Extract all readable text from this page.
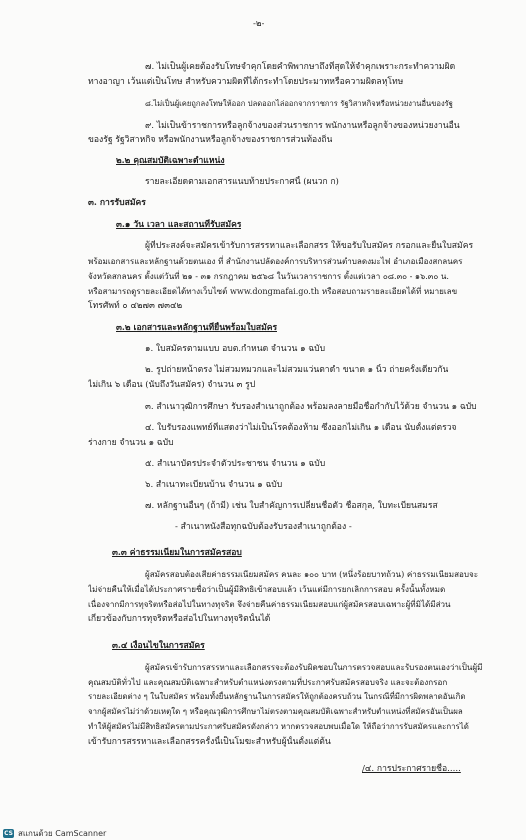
-๒-
๗. ไม่เป็นผู้เคยต้องรับโทษจำคุกโดยคำพิพากษาถึงที่สุดให้จำคุกเพราะกระทำความผิด
ทางอาญา เว้นแต่เป็นโทษ สำหรับความผิดที่ได้กระทำโดยประมาทหรือความผิดลหุโทษ
๘.ไม่เป็นผู้เคยถูกลงโทษให้ออก ปลดออกไล่ออกจากราชการ รัฐวิสาหกิจหรือหน่วยงานอื่นของรัฐ
๙. ไม่เป็นข้าราชการหรือลูกจ้างของส่วนราชการ พนักงานหรือลูกจ้างของหน่วยงานอื่น
ของรัฐ รัฐวิสาหกิจ หรือพนักงานหรือลูกจ้างของราชการส่วนท้องถิ่น
๒.๒ คุณสมบัติเฉพาะตำแหน่ง
รายละเอียดตามเอกสารแนบท้ายประกาศนี้ (ผนวก ก)
๓. การรับสมัคร
๓.๑ วัน เวลา และสถานที่รับสมัคร
ผู้ที่ประสงค์จะสมัครเข้ารับการสรรหาและเลือกสรร ให้ขอรับใบสมัคร กรอกและยื่นใบสมัคร
พร้อมเอกสารและหลักฐานด้วยตนเอง ที่ สำนักงานปลัดองค์การบริหารส่วนตำบลดงมะไฟ อำเภอเมืองสกลนคร
จังหวัดสกลนคร ตั้งแต่วันที่ ๒๑ - ๓๑ กรกฎาคม ๒๕๖๘ ในวันเวลาราชการ ตั้งแต่เวลา ๐๘.๓๐ - ๑๖.๓๐ น.
หรือสามารถดูรายละเอียดได้ทางเว็บไซต์ www.dongmafai.go.th หรือสอบถามรายละเอียดได้ที่ หมายเลข
โทรศัพท์ ๐ ๔๒๗๓ ๗๓๔๒
๓.๒ เอกสารและหลักฐานที่ยื่นพร้อมใบสมัคร
๑. ใบสมัครตามแบบ อบต.กำหนด จำนวน ๑ ฉบับ
๒. รูปถ่ายหน้าตรง ไม่สวมหมวกและไม่สวมแว่นตาดำ ขนาด ๑ นิ้ว ถ่ายครั้งเดียวกัน
ไม่เกิน ๖ เดือน (นับถึงวันสมัคร) จำนวน ๓ รูป
๓. สำเนาวุฒิการศึกษา รับรองสำเนาถูกต้อง พร้อมลงลายมือชื่อกำกับไว้ด้วย จำนวน ๑ ฉบับ
๔. ใบรับรองแพทย์ที่แสดงว่าไม่เป็นโรคต้องห้าม ซึ่งออกไม่เกิน ๑ เดือน นับตั้งแต่ตรวจ
ร่างกาย จำนวน ๑ ฉบับ
๕. สำเนาบัตรประจำตัวประชาชน จำนวน ๑ ฉบับ
๖. สำเนาทะเบียนบ้าน จำนวน ๑ ฉบับ
๗. หลักฐานอื่นๆ (ถ้ามี) เช่น ใบสำคัญการเปลี่ยนชื่อตัว ชื่อสกุล, ใบทะเบียนสมรส
- สำเนาหนังสือทุกฉบับต้องรับรองสำเนาถูกต้อง -
๓.๓ ค่าธรรมเนียมในการสมัครสอบ
ผู้สมัครสอบต้องเสียค่าธรรมเนียมสมัคร คนละ ๑๐๐ บาท (หนึ่งร้อยบาทถ้วน) ค่าธรรมเนียมสอบจะ
ไม่จ่ายคืนให้เมื่อได้ประกาศรายชื่อว่าเป็นผู้มีสิทธิเข้าสอบแล้ว เว้นแต่มีการยกเลิกการสอบ ครั้งนั้นทั้งหมด
เนื่องจากมีการทุจริตหรือส่อไปในทางทุจริต จึงจ่ายคืนค่าธรรมเนียมสอบแก่ผู้สมัครสอบเฉพาะผู้ที่มิได้มีส่วน
เกี่ยวข้องกับการทุจริตหรือส่อไปในทางทุจริตนั้นได้
๓.๔ เงื่อนไขในการสมัคร
ผู้สมัครเข้ารับการสรรหาและเลือกสรรจะต้องรับผิดชอบในการตรวจสอบและรับรองตนเองว่าเป็นผู้มี
คุณสมบัติทั่วไป และคุณสมบัติเฉพาะสำหรับตำแหน่งตรงตามที่ประกาศรับสมัครสอบจริง และจะต้องกรอก
รายละเอียดต่าง ๆ ในใบสมัคร พร้อมทั้งยื่นหลักฐานในการสมัครให้ถูกต้องครบถ้วน ในกรณีที่มีการผิดพลาดอันเกิด
จากผู้สมัครไม่ว่าด้วยเหตุใด ๆ หรือคุณวุฒิการศึกษาไม่ตรงตามคุณสมบัติเฉพาะสำหรับตำแหน่งที่สมัครอันเป็นผล
ทำให้ผู้สมัครไม่มีสิทธิสมัครตามประกาศรับสมัครดังกล่าว หากตรวจสอบพบเมื่อใด ให้ถือว่าการรับสมัครและการได้
เข้ารับการสรรหาและเลือกสรรครั้งนี้เป็นโมฆะสำหรับผู้นั้นตั้งแต่ต้น
/๔. การประกาศรายชื่อ.....
CS สแกนด้วย CamScanner
